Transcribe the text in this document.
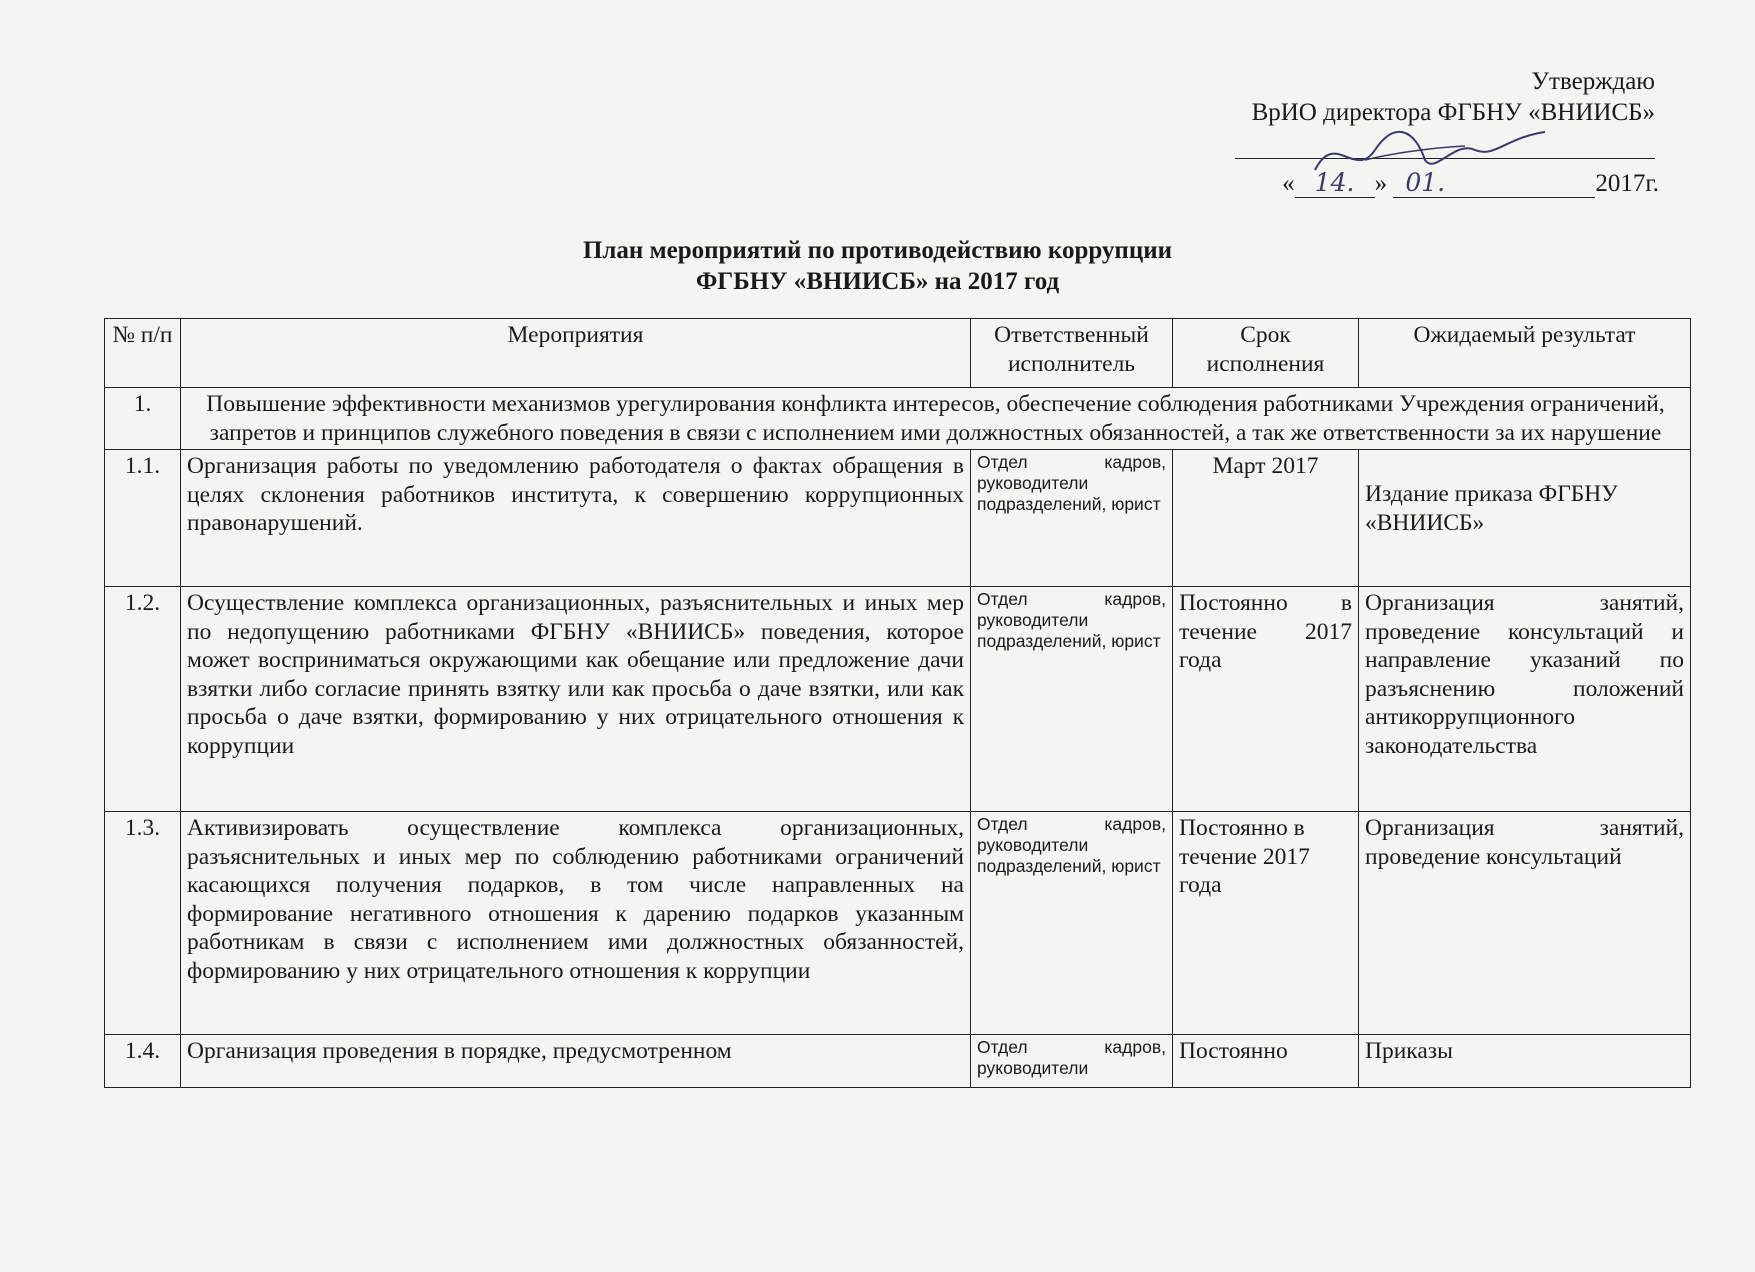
Утверждаю
ВрИО директора ФГБНУ «ВНИИСБ»
« 14. » 01.	2017г.
План мероприятий по противодействию коррупции
ФГБНУ «ВНИИСБ» на 2017 год
№ п/п	Мероприятия	Ответственный исполнитель	Срок исполнения	Ожидаемый результат
1.	Повышение эффективности механизмов урегулирования конфликта интересов, обеспечение соблюдения работниками Учреждения ограничений, запретов и принципов служебного поведения в связи с исполнением ими должностных обязанностей, а так же ответственности за их нарушение			
1.1.	Организация работы по уведомлению работодателя о фактах обращения в целях склонения работников института, к совершению коррупционных правонарушений.	Отдел кадров, руководители подразделений, юрист	Март 2017	Издание приказа ФГБНУ «ВНИИСБ»
1.2.	Осуществление комплекса организационных, разъяснительных и иных мер по недопущению работниками ФГБНУ «ВНИИСБ» поведения, которое может восприниматься окружающими как обещание или предложение дачи взятки либо согласие принять взятку или как просьба о даче взятки, или как просьба о даче взятки, формированию у них отрицательного отношения к коррупции	Отдел кадров, руководители подразделений, юрист	Постоянно в течение 2017 года	Организация занятий, проведение консультаций и направление указаний по разъяснению положений антикоррупционного законодательства
1.3.	Активизировать осуществление комплекса организационных, разъяснительных и иных мер по соблюдению работниками ограничений касающихся получения подарков, в том числе направленных на формирование негативного отношения к дарению подарков указанным работникам в связи с исполнением ими должностных обязанностей, формированию у них отрицательного отношения к коррупции	Отдел кадров, руководители подразделений, юрист	Постоянно в течение 2017 года	Организация занятий, проведение консультаций
1.4.	Организация проведения в порядке, предусмотренном	Отдел кадров, руководители	Постоянно	Приказы
